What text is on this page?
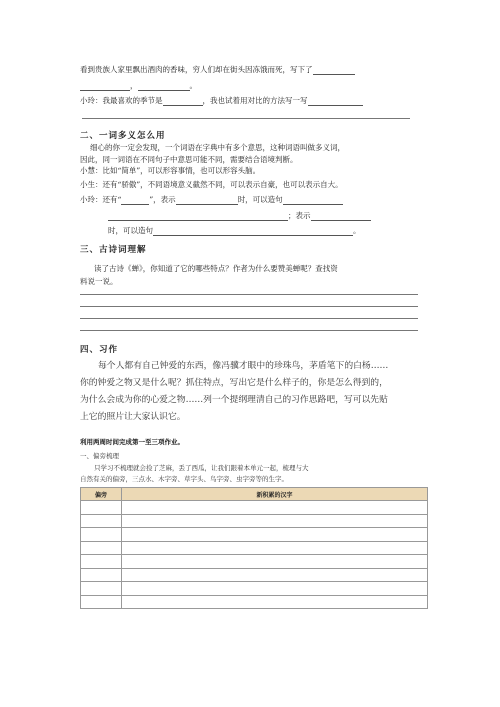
看到贵族人家里飘出酒肉的香味，穷人们却在街头因冻饿而死，写下了
，	。
小玲：我最喜欢的季节是	，我也试着用对比的方法写一写
二、一词多义怎么用
细心的你一定会发现，一个词语在字典中有多个意思，这种词语叫做多义词，
因此，同一词语在不同句子中意思可能不同，需要结合语境判断。
小慧：比如“简单”，可以形容事情，也可以形容头脑。
小生：还有“骄傲”，不同语境意义截然不同，可以表示自豪，也可以表示自大。
小玲：还有“	”，表示	时，可以造句
；表示
时，可以造句	。
三、古诗词理解
读了古诗《蝉》，你知道了它的哪些特点？作者为什么要赞美蝉呢？查找资
料说一说。
四、习作
每个人都有自己钟爱的东西，像冯骥才眼中的珍珠鸟，茅盾笔下的白杨……
你的钟爱之物又是什么呢？抓住特点，写出它是什么样子的，你是怎么得到的，
为什么会成为你的心爱之物……列一个提纲理清自己的习作思路吧，写可以先贴
上它的照片让大家认识它。
利用两周时间完成第一至三项作业。
一、偏旁梳理
只学习不梳理就会捡了芝麻，丢了西瓜，让我们跟着本单元一起，梳理与大
自然有关的偏旁，三点水、木字旁、草字头、鸟字旁、虫字旁等的生字。
偏旁	新积累的汉字
